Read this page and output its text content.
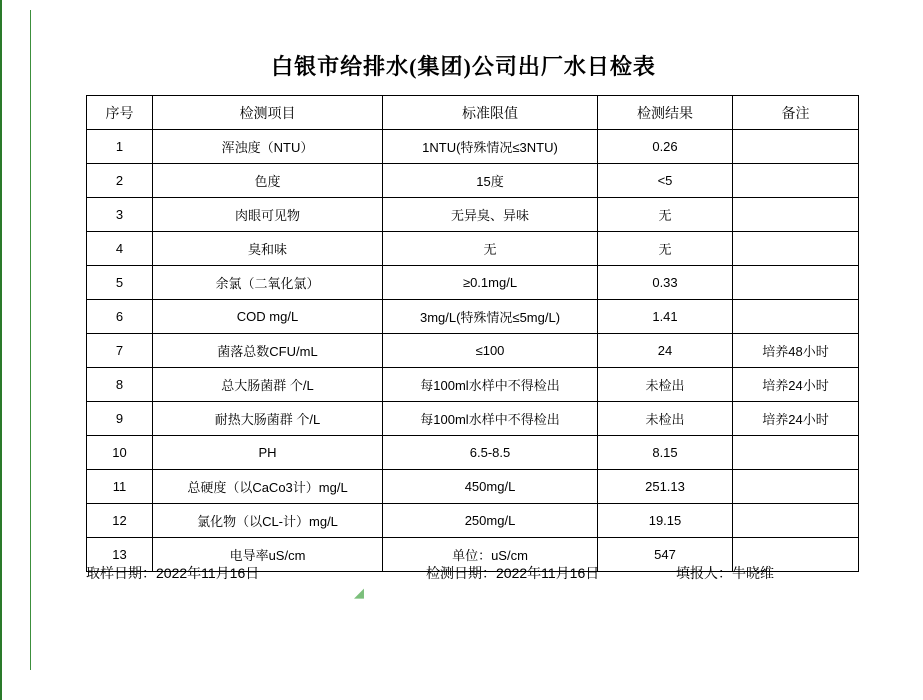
白银市给排水(集团)公司出厂水日检表
序号	检测项目	标准限值	检测结果	备注
1	浑浊度（NTU）	1NTU(特殊情况≤3NTU)	0.26	
2	色度	15度	<5	
3	肉眼可见物	无异臭、异味	无	
4	臭和味	无	无	
5	余氯（二氧化氯）	≥0.1mg/L	0.33	
6	COD mg/L	3mg/L(特殊情况≤5mg/L)	1.41	
7	菌落总数CFU/mL	≤100	24	培养48小时
8	总大肠菌群 个/L	每100ml水样中不得检出	未检出	培养24小时
9	耐热大肠菌群 个/L	每100ml水样中不得检出	未检出	培养24小时
10	PH	6.5-8.5	8.15	
11	总硬度（以CaCo3计）mg/L	450mg/L	251.13	
12	氯化物（以CL-计）mg/L	250mg/L	19.15	
13	电导率uS/cm	单位：uS/cm	547	
取样日期：2022年11月16日	检测日期：2022年11月16日	填报人：牛晓维
◢
